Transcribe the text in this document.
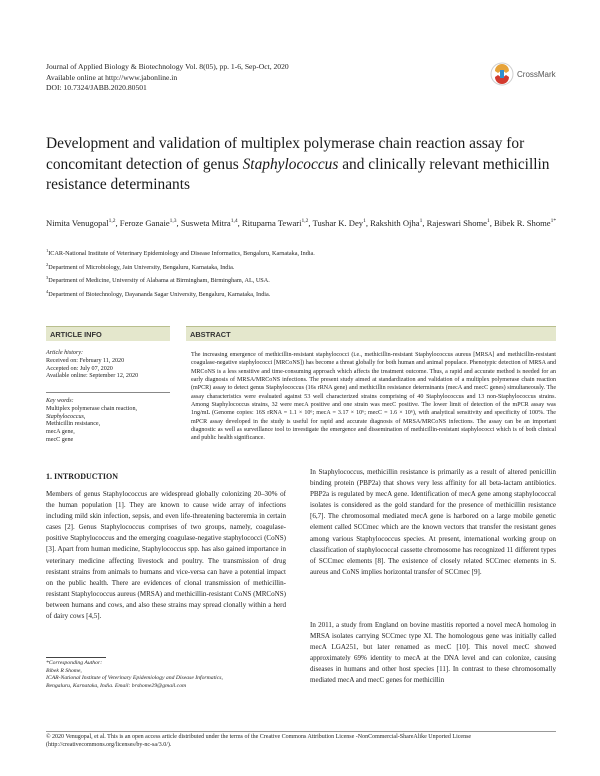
Journal of Applied Biology & Biotechnology Vol. 8(05), pp. 1-6, Sep-Oct, 2020
Available online at http://www.jabonline.in
DOI: 10.7324/JABB.2020.80501
CrossMark
Development and validation of multiplex polymerase chain reaction assay for concomitant detection of genus Staphylococcus and clinically relevant methicillin resistance determinants
Nimita Venugopal$^{1,2}$, Feroze Ganaie$^{1,3}$, Susweta Mitra$^{1,4}$, Rituparna Tewari$^{1,2}$, Tushar K. Dey$^1$, Rakshith Ojha$^1$, Rajeswari Shome$^1$, Bibek R. Shome$^{1*}$
$^1$ICAR-National Institute of Veterinary Epidemiology and Disease Informatics, Bengaluru, Karnataka, India.
$^2$Department of Microbiology, Jain University, Bengaluru, Karnataka, India.
$^3$Department of Medicine, University of Alabama at Birmingham, Birmingham, AL, USA.
$^4$Department of Biotechnology, Dayananda Sagar University, Bengaluru, Karnataka, India.
ARTICLE INFO
Article history:
Received on: February 11, 2020
Accepted on: July 07, 2020
Available online: September 12, 2020
Key words:
Multiplex polymerase chain reaction,
Staphylococcus,
Methicillin resistance,
mecA gene,
mecC gene
ABSTRACT

The increasing emergence of methicillin-resistant staphylococci (i.e., methicillin-resistant Staphylococcus aureus [MRSA] and methicillin-resistant coagulase-negative staphylococci [MRCoNS]) has become a threat globally for both human and animal populace. Phenotypic detection of MRSA and MRCoNS is a less sensitive and time-consuming approach which affects the treatment outcome. Thus, a rapid and accurate method is needed for an early diagnosis of MRSA/MRCoNS infections. The present study aimed at standardization and validation of a multiplex polymerase chain reaction (mPCR) assay to detect genus Staphylococcus (16s rRNA gene) and methicillin resistance determinants (mecA and mecC genes) simultaneously. The assay characteristics were evaluated against 53 well characterized strains comprising of 40 Staphylococcus and 13 non-Staphylococcus strains. Among Staphylococcus strains, 32 were mecA positive and one strain was mecC positive. The lower limit of detection of the mPCR assay was 1ng/mL (Genome copies: 16S rRNA = 1.1 × 10⁶; mecA = 3.17 × 10⁶; mecC = 1.6 × 10⁶), with analytical sensitivity and specificity of 100%. The mPCR assay developed in the study is useful for rapid and accurate diagnosis of MRSA/MRCoNS infections. The assay can be an important diagnostic as well as surveillance tool to investigate the emergence and dissemination of methicillin-resistant staphylococci which is of both clinical and public health significance.

1. INTRODUCTION

Members of genus Staphylococcus are widespread globally colonizing 20–30% of the human population [1]. They are known to cause wide array of infections including mild skin infection, sepsis, and even life-threatening bacteremia in certain cases [2]. Genus Staphylococcus comprises of two groups, namely, coagulase-positive Staphylococcus and the emerging coagulase-negative staphylococci (CoNS) [3]. Apart from human medicine, Staphylococcus spp. has also gained importance in veterinary medicine affecting livestock and poultry. The transmission of drug resistant strains from animals to humans and vice-versa can have a potential impact on the public health. There are evidences of clonal transmission of methicillin-resistant Staphylococcus aureus (MRSA) and methicillin-resistant CoNS (MRCoNS) between humans and cows, and also these strains may spread clonally within a herd of dairy cows [4,5].

In Staphylococcus, methicillin resistance is primarily as a result of altered penicillin binding protein (PBP2a) that shows very less affinity for all beta-lactam antibiotics. PBP2a is regulated by mecA gene. Identification of mecA gene among staphylococcal isolates is considered as the gold standard for the presence of methicillin resistance [6,7]. The chromosomal mediated mecA gene is harbored on a large mobile genetic element called SCCmec which are the known vectors that transfer the resistant genes among various Staphylococcus species. At present, international working group on classification of staphylococcal cassette chromosome has recognized 11 different types of SCCmec elements [8]. The existence of closely related SCCmec elements in S. aureus and CoNS implies horizontal transfer of SCCmec [9].

In 2011, a study from England on bovine mastitis reported a novel mecA homolog in MRSA isolates carrying SCCmec type XI. The homologous gene was initially called mecA LGA251, but later renamed as mecC [10]. This novel mecC showed approximately 69% identity to mecA at the DNA level and can colonize, causing diseases in humans and other host species [11]. In contrast to these chromosomally mediated mecA and mecC genes for methicillin

*Corresponding Author:
Bibek R Shome,
ICAR-National Institute of Veterinary Epidemiology and Disease Informatics,
Bengaluru, Karnataka, India. Email: brshome29@gmail.com
© 2020 Venugopal, et al. This is an open access article distributed under the terms of the Creative Commons Attribution License -NonCommercial-ShareAlike Unported License (http://creativecommons.org/licenses/by-nc-sa/3.0/).
